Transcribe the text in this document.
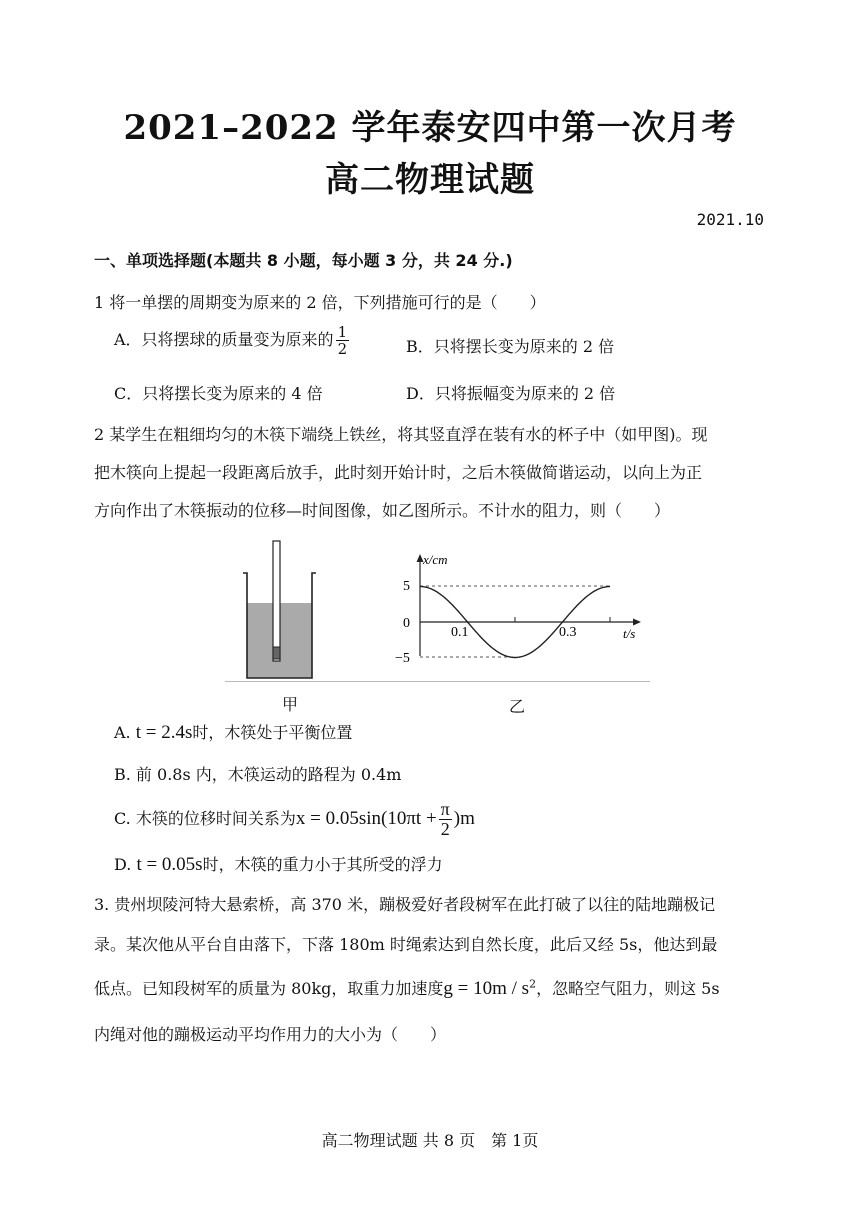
2021–2022 学年泰安四中第一次月考
高二物理试题
2021.10
一、单项选择题(本题共 8 小题，每小题 3 分，共 24 分.)
1 将一单摆的周期变为原来的 2 倍，下列措施可行的是（　　）
A．只将摆球的质量变为原来的 $\frac{1}{2}$	B．只将摆长变为原来的 2 倍
C．只将摆长变为原来的 4 倍	D．只将振幅变为原来的 2 倍
2 某学生在粗细均匀的木筷下端绕上铁丝，将其竖直浮在装有水的杯子中（如甲图)。现
把木筷向上提起一段距离后放手，此时刻开始计时，之后木筷做简谐运动，以向上为正
方向作出了木筷振动的位移—时间图像，如乙图所示。不计水的阻力，则（　　）
甲	乙
x/cm
t/s
5
0
−5
0.1	0.3
A. t = 2.4s时，木筷处于平衡位置
B. 前 0.8s 内，木筷运动的路程为 0.4m
C. 木筷的位移时间关系为$x = 0.05\sin(10\pi t + \frac{\pi}{2} )m$
D. t = 0.05s时，木筷的重力小于其所受的浮力
3. 贵州坝陵河特大悬索桥，高 370 米，蹦极爱好者段树军在此打破了以往的陆地蹦极记
录。某次他从平台自由落下，下落 180m 时绳索达到自然长度，此后又经 5s，他达到最
低点。已知段树军的质量为 80kg，取重力加速度$g = 10m / s^2$，忽略空气阻力，则这 5s
内绳对他的蹦极运动平均作用力的大小为（　　）
高二物理试题 共 8 页　第 1页
